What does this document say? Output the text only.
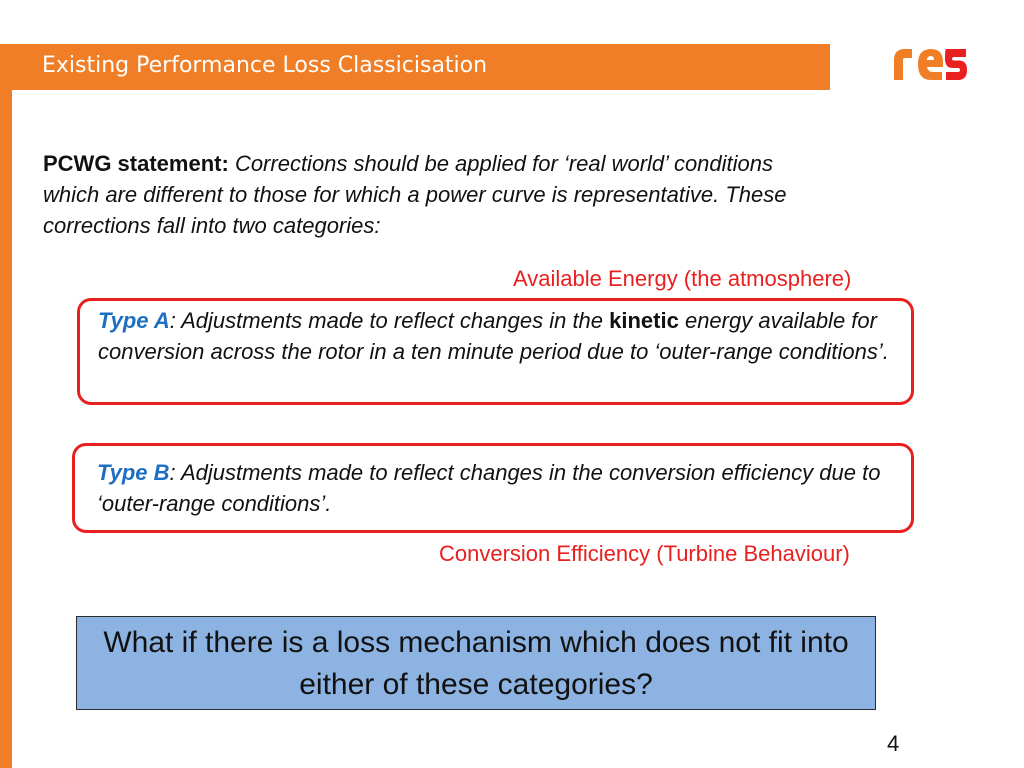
Existing Performance Loss Classicisation
PCWG statement: Corrections should be applied for ‘real world’ conditions which are different to those for which a power curve is representative. These corrections fall into two categories:
Available Energy (the atmosphere)
Type A: Adjustments made to reflect changes in the kinetic energy available for conversion across the rotor in a ten minute period due to ‘outer-range conditions’.
Type B: Adjustments made to reflect changes in the conversion efficiency due to ‘outer-range conditions’.
Conversion Efficiency (Turbine Behaviour)
What if there is a loss mechanism which does not fit into either of these categories?
4
